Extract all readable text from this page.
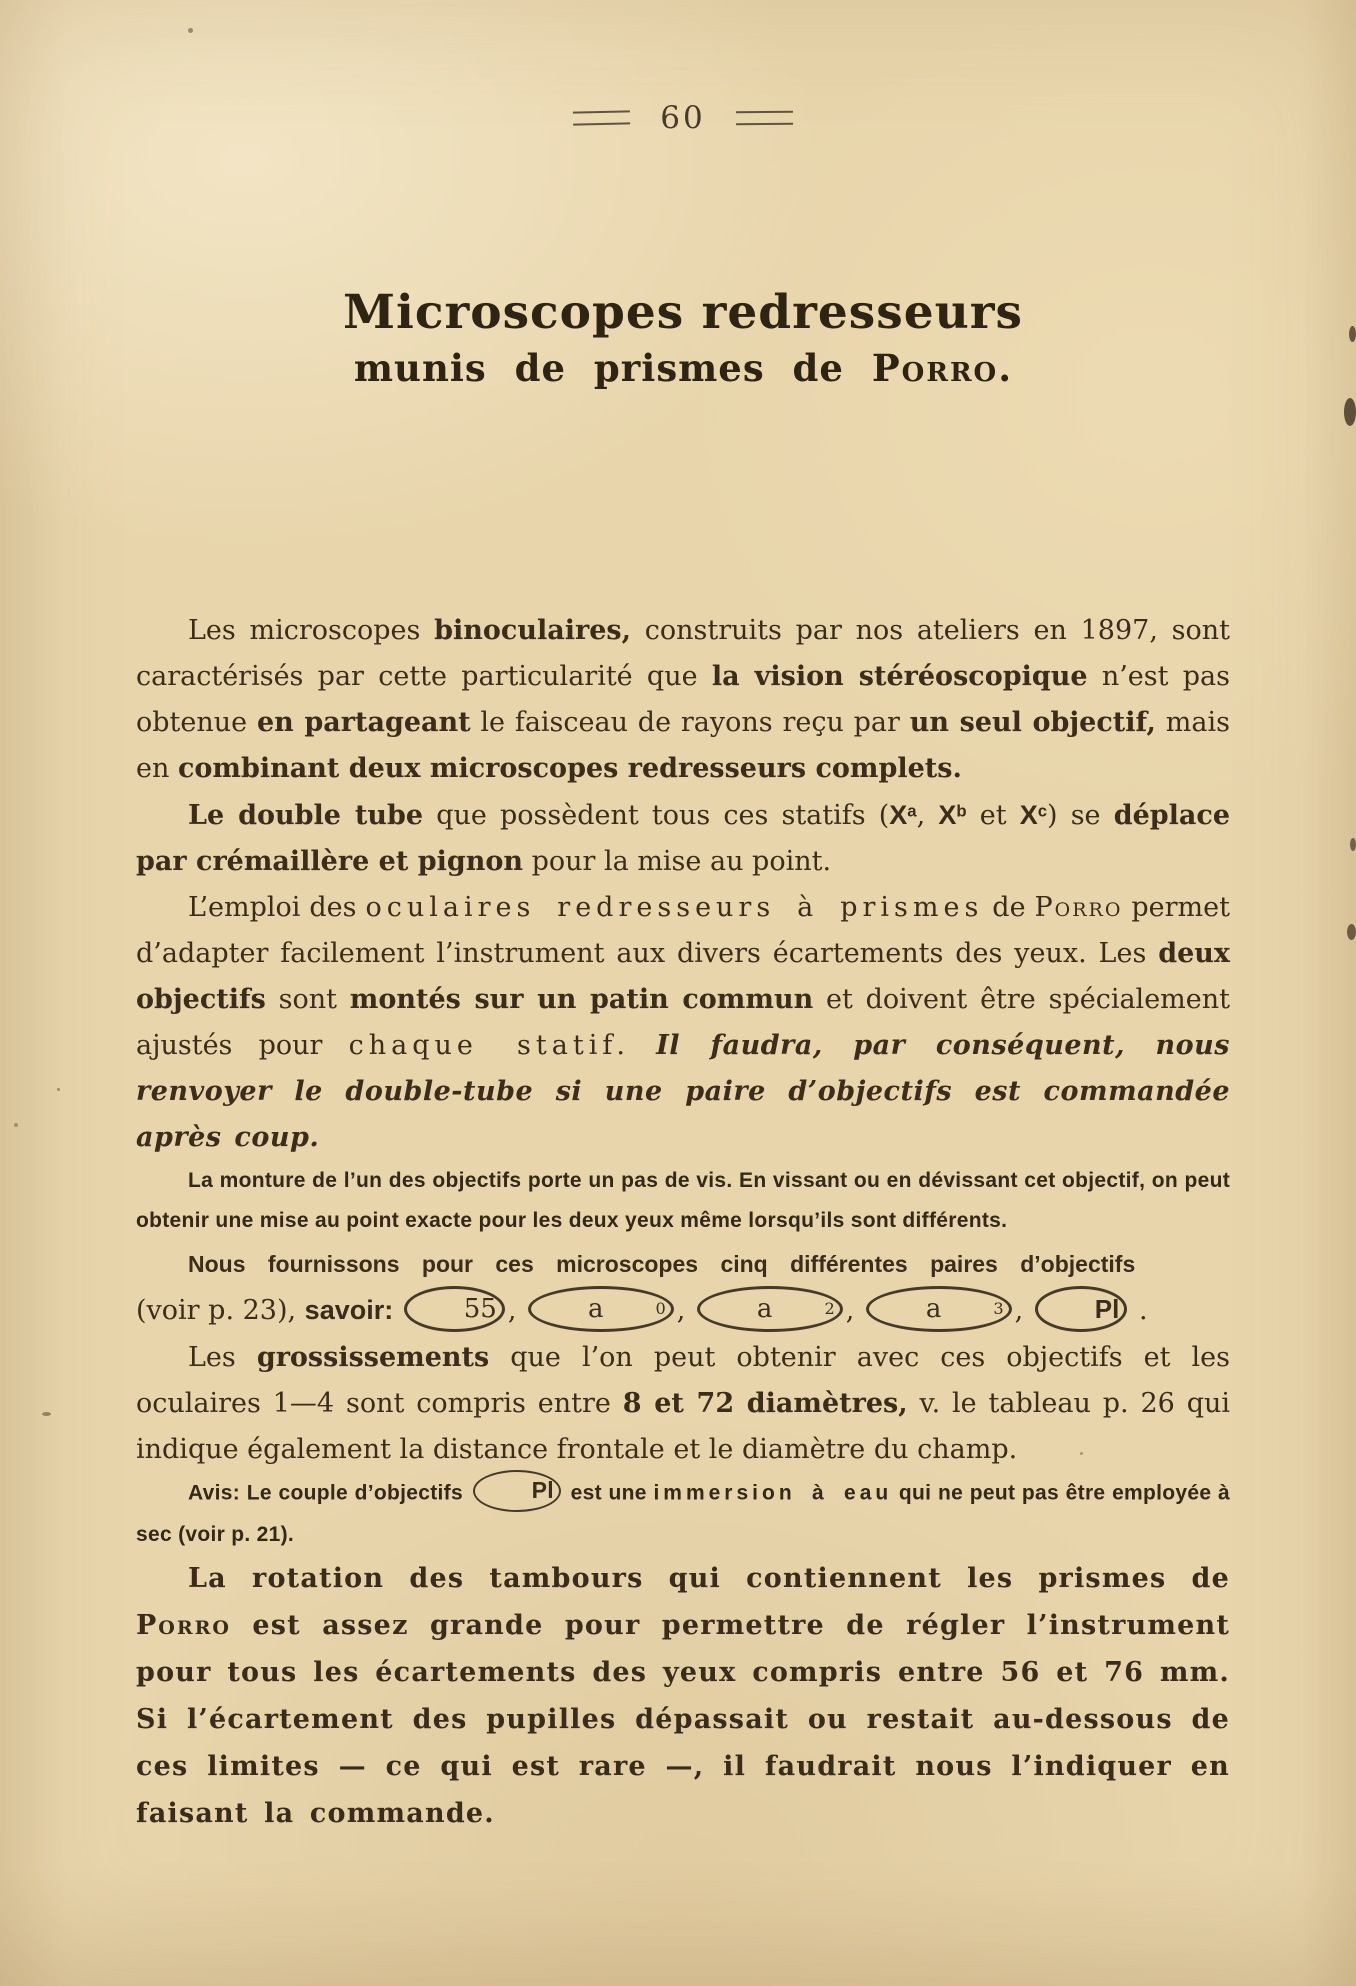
60
Microscopes redresseurs
munis de prismes de Porro.

Les microscopes binoculaires, construits par nos ateliers en 1897, sont caractérisés par cette particularité que la vision stéréoscopique n’est pas obtenue en partageant le faisceau de rayons reçu par un seul objectif, mais en combinant deux microscopes redresseurs complets.

Le double tube que possèdent tous ces statifs ($X^a$, $X^b$ et $X^c$) se déplace par crémaillère et pignon pour la mise au point.

L’emploi des oculaires redresseurs à prismes de Porro permet d’adapter facilement l’instrument aux divers écartements des yeux. Les deux objectifs sont montés sur un patin commun et doivent être spécialement ajustés pour chaque statif. Il faudra, par conséquent, nous renvoyer le double-tube si une paire d’objectifs est commandée après coup.

La monture de l’un des objectifs porte un pas de vis. En vissant ou en dévissant cet objectif, on peut obtenir une mise au point exacte pour les deux yeux même lorsqu’ils sont différents.

Nous fournissons pour ces microscopes cinq différentes paires d’objectifs
(voir p. 23), savoir: 55 , a	0 , a	2 , a	3 , Pl .

Les grossissements que l’on peut obtenir avec ces objectifs et les oculaires 1—4 sont compris entre 8 et 72 diamètres, v. le tableau p. 26 qui indique également la distance frontale et le diamètre du champ.

Avis: Le couple d’objectifs	Pl est une immersion à eau qui ne peut pas être employée à sec (voir p. 21).

La rotation des tambours qui contiennent les prismes de Porro est assez grande pour permettre de régler l’instrument pour tous les écartements des yeux compris entre 56 et 76 mm. Si l’écartement des pupilles dépassait ou restait au-dessous de ces limites — ce qui est rare —, il faudrait nous l’indiquer en faisant la commande.
